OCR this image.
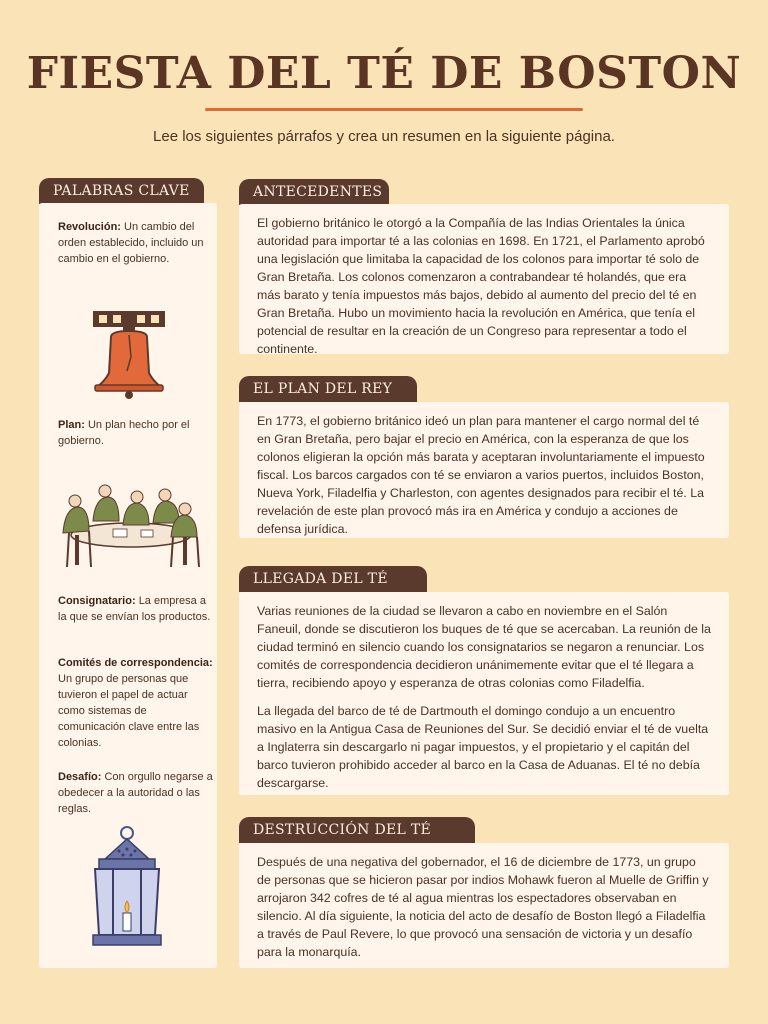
FIESTA DEL TÉ DE BOSTON
Lee los siguientes párrafos y crea un resumen en la siguiente página.
PALABRAS CLAVE
Revolución: Un cambio del orden establecido, incluido un cambio en el gobierno.
Plan: Un plan hecho por el gobierno.
Consignatario: La empresa a la que se envían los productos.
Comités de correspondencia: Un grupo de personas que tuvieron el papel de actuar como sistemas de comunicación clave entre las colonias.
Desafío: Con orgullo negarse a obedecer a la autoridad o las reglas.
ANTECEDENTES

El gobierno británico le otorgó a la Compañía de las Indias Orientales la única autoridad para importar té a las colonias en 1698. En 1721, el Parlamento aprobó una legislación que limitaba la capacidad de los colonos para importar té solo de Gran Bretaña. Los colonos comenzaron a contrabandear té holandés, que era más barato y tenía impuestos más bajos, debido al aumento del precio del té en Gran Bretaña. Hubo un movimiento hacia la revolución en América, que tenía el potencial de resultar en la creación de un Congreso para representar a todo el continente.

EL PLAN DEL REY

En 1773, el gobierno británico ideó un plan para mantener el cargo normal del té en Gran Bretaña, pero bajar el precio en América, con la esperanza de que los colonos eligieran la opción más barata y aceptaran involuntariamente el impuesto fiscal. Los barcos cargados con té se enviaron a varios puertos, incluidos Boston, Nueva York, Filadelfia y Charleston, con agentes designados para recibir el té. La revelación de este plan provocó más ira en América y condujo a acciones de defensa jurídica.

LLEGADA DEL TÉ

Varias reuniones de la ciudad se llevaron a cabo en noviembre en el Salón Faneuil, donde se discutieron los buques de té que se acercaban. La reunión de la ciudad terminó en silencio cuando los consignatarios se negaron a renunciar. Los comités de correspondencia decidieron unánimemente evitar que el té llegara a tierra, recibiendo apoyo y esperanza de otras colonias como Filadelfia.

La llegada del barco de té de Dartmouth el domingo condujo a un encuentro masivo en la Antigua Casa de Reuniones del Sur. Se decidió enviar el té de vuelta a Inglaterra sin descargarlo ni pagar impuestos, y el propietario y el capitán del barco tuvieron prohibido acceder al barco en la Casa de Aduanas. El té no debía descargarse.

DESTRUCCIÓN DEL TÉ

Después de una negativa del gobernador, el 16 de diciembre de 1773, un grupo de personas que se hicieron pasar por indios Mohawk fueron al Muelle de Griffin y arrojaron 342 cofres de té al agua mientras los espectadores observaban en silencio. Al día siguiente, la noticia del acto de desafío de Boston llegó a Filadelfia a través de Paul Revere, lo que provocó una sensación de victoria y un desafío para la monarquía.
